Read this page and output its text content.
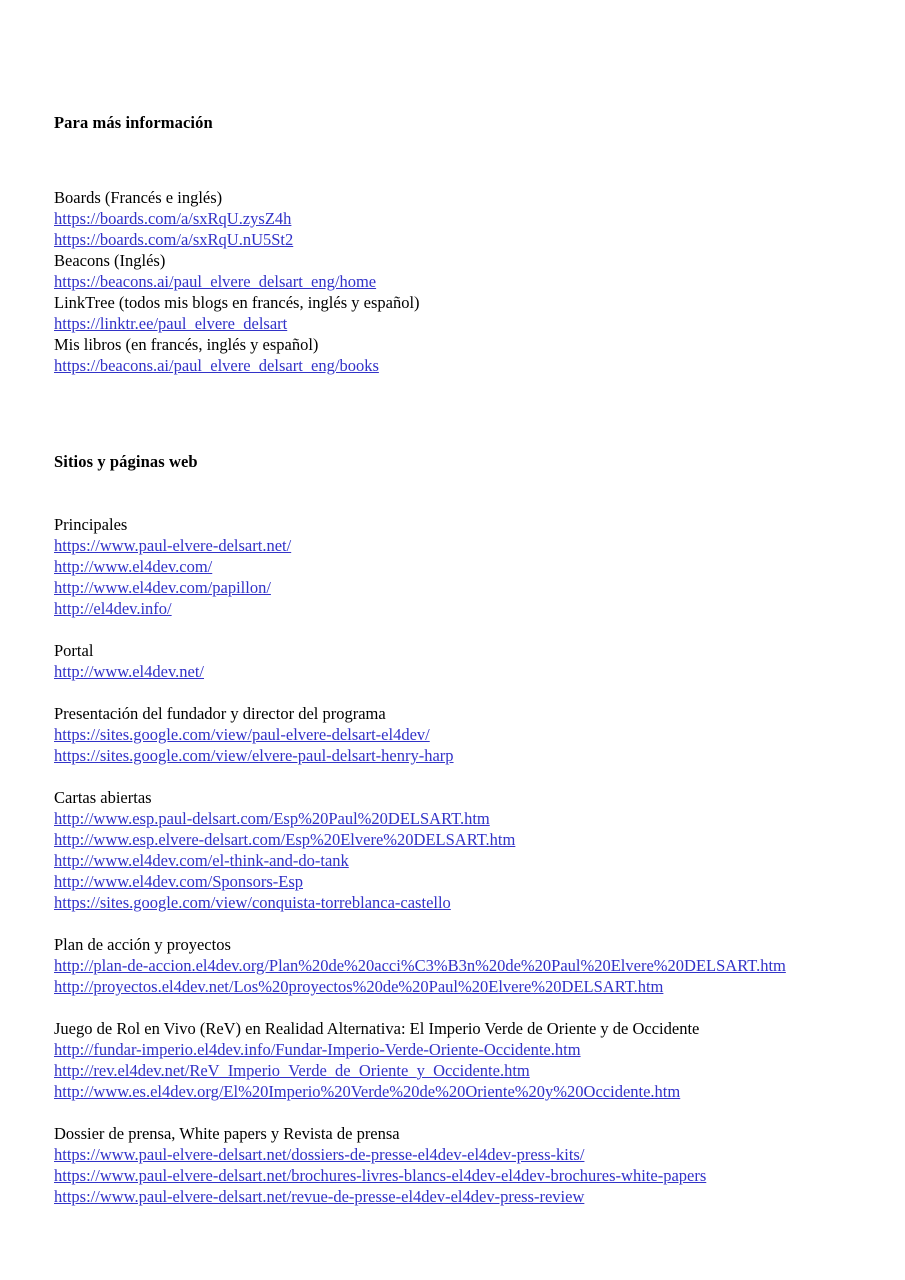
Para más información
Boards (Francés e inglés)
https://boards.com/a/sxRqU.zysZ4h
https://boards.com/a/sxRqU.nU5St2
Beacons (Inglés)
https://beacons.ai/paul_elvere_delsart_eng/home
LinkTree (todos mis blogs en francés, inglés y español)
https://linktr.ee/paul_elvere_delsart
Mis libros (en francés, inglés y español)
https://beacons.ai/paul_elvere_delsart_eng/books
Sitios y páginas web
Principales
https://www.paul-elvere-delsart.net/
http://www.el4dev.com/
http://www.el4dev.com/papillon/
http://el4dev.info/
Portal
http://www.el4dev.net/
Presentación del fundador y director del programa
https://sites.google.com/view/paul-elvere-delsart-el4dev/
https://sites.google.com/view/elvere-paul-delsart-henry-harp
Cartas abiertas
http://www.esp.paul-delsart.com/Esp%20Paul%20DELSART.htm
http://www.esp.elvere-delsart.com/Esp%20Elvere%20DELSART.htm
http://www.el4dev.com/el-think-and-do-tank
http://www.el4dev.com/Sponsors-Esp
https://sites.google.com/view/conquista-torreblanca-castello
Plan de acción y proyectos
http://plan-de-accion.el4dev.org/Plan%20de%20acci%C3%B3n%20de%20Paul%20Elvere%20DELSART.htm
http://proyectos.el4dev.net/Los%20proyectos%20de%20Paul%20Elvere%20DELSART.htm
Juego de Rol en Vivo (ReV) en Realidad Alternativa: El Imperio Verde de Oriente y de Occidente
http://fundar-imperio.el4dev.info/Fundar-Imperio-Verde-Oriente-Occidente.htm
http://rev.el4dev.net/ReV_Imperio_Verde_de_Oriente_y_Occidente.htm
http://www.es.el4dev.org/El%20Imperio%20Verde%20de%20Oriente%20y%20Occidente.htm
Dossier de prensa, White papers y Revista de prensa
https://www.paul-elvere-delsart.net/dossiers-de-presse-el4dev-el4dev-press-kits/
https://www.paul-elvere-delsart.net/brochures-livres-blancs-el4dev-el4dev-brochures-white-papers
https://www.paul-elvere-delsart.net/revue-de-presse-el4dev-el4dev-press-review
